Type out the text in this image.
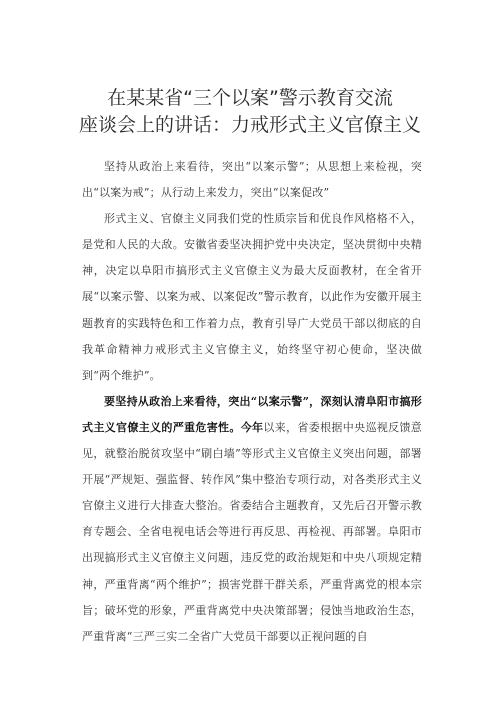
在某某省“三个以案”警示教育交流
座谈会上的讲话：力戒形式主义官僚主义

坚持从政治上来看待，突出“以案示警”；从思想上来检视，突出“以案为戒”；从行动上来发力，突出“以案促改”

形式主义、官僚主义同我们党的性质宗旨和优良作风格格不入，是党和人民的大敌。安徽省委坚决拥护党中央决定，坚决贯彻中央精神，决定以阜阳市搞形式主义官僚主义为最大反面教材，在全省开展“以案示警、以案为戒、以案促改”警示教育，以此作为安徽开展主题教育的实践特色和工作着力点，教育引导广大党员干部以彻底的自我革命精神力戒形式主义官僚主义，始终坚守初心使命，坚决做到“两个维护”。

要坚持从政治上来看待，突出“以案示警”，深刻认清阜阳市搞形式主义官僚主义的严重危害性。今年以来，省委根据中央巡视反馈意见，就整治脱贫攻坚中“刷白墙”等形式主义官僚主义突出问题，部署开展“严规矩、强监督、转作风”集中整治专项行动，对各类形式主义官僚主义进行大排查大整治。省委结合主题教育，又先后召开警示教育专题会、全省电视电话会等进行再反思、再检视、再部署。阜阳市出现搞形式主义官僚主义问题，违反党的政治规矩和中央八项规定精神，严重背离“两个维护”；损害党群干群关系，严重背离党的根本宗旨；破坏党的形象，严重背离党中央决策部署；侵蚀当地政治生态，严重背离“三严三实二全省广大党员干部要以正视问题的自
